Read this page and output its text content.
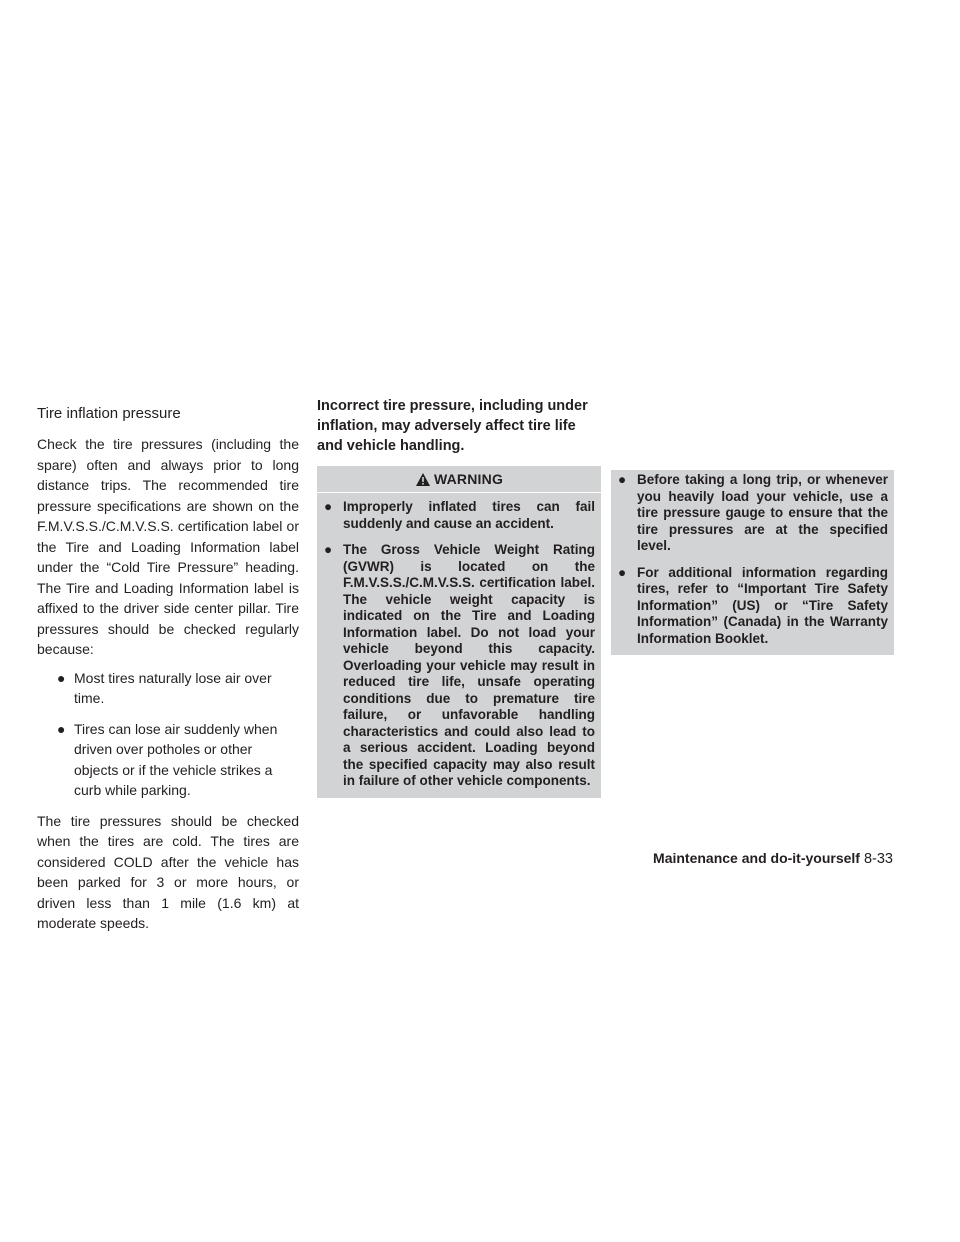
Tire inflation pressure

Check the tire pressures (including the spare) often and always prior to long distance trips. The recommended tire pressure specifications are shown on the F.M.V.S.S./C.M.V.S.S. certification label or the Tire and Loading Information label under the “Cold Tire Pressure” heading. The Tire and Loading Information label is affixed to the driver side center pillar. Tire pressures should be checked regularly because:

● Most tires naturally lose air over time.
● Tires can lose air suddenly when driven over potholes or other objects or if the vehicle strikes a curb while parking.

The tire pressures should be checked when the tires are cold. The tires are considered COLD after the vehicle has been parked for 3 or more hours, or driven less than 1 mile (1.6 km) at moderate speeds.

Incorrect tire pressure, including under inflation, may adversely affect tire life and vehicle handling.

WARNING
● Improperly inflated tires can fail suddenly and cause an accident.
● The Gross Vehicle Weight Rating (GVWR) is located on the F.M.V.S.S./C.M.V.S.S. certification label. The vehicle weight capacity is indicated on the Tire and Loading Information label. Do not load your vehicle beyond this capacity. Overloading your vehicle may result in reduced tire life, unsafe operating conditions due to premature tire failure, or unfavorable handling characteristics and could also lead to a serious accident. Loading beyond the specified capacity may also result in failure of other vehicle components.
● Before taking a long trip, or whenever you heavily load your vehicle, use a tire pressure gauge to ensure that the tire pressures are at the specified level.
● For additional information regarding tires, refer to “Important Tire Safety Information” (US) or “Tire Safety Information” (Canada) in the Warranty Information Booklet.
Maintenance and do-it-yourself 8-33
